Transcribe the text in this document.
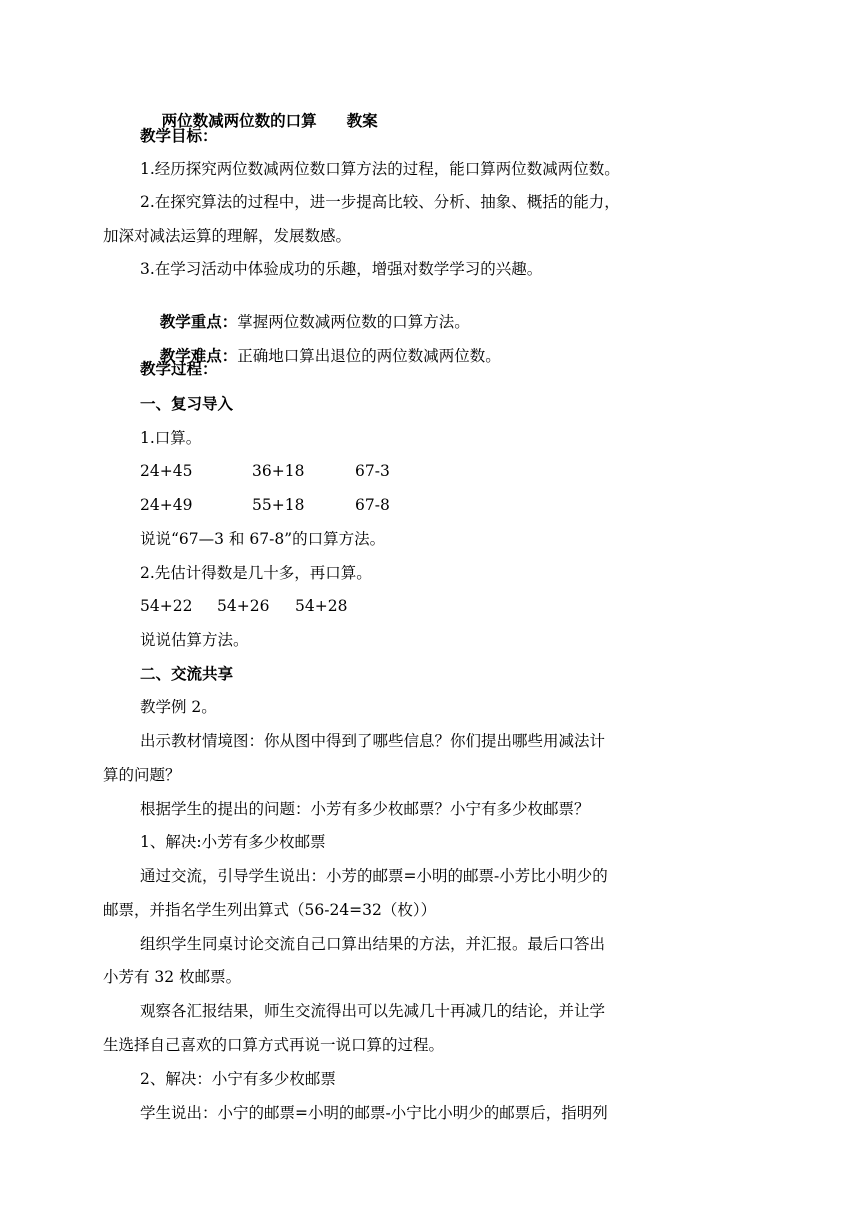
两位数减两位数的口算 教案

教学目标：
1.经历探究两位数减两位数口算方法的过程，能口算两位数减两位数。
2.在探究算法的过程中，进一步提高比较、分析、抽象、概括的能力，
加深对减法运算的理解，发展数感。
3.在学习活动中体验成功的乐趣，增强对数学学习的兴趣。

教学重点：掌握两位数减两位数的口算方法。

教学难点：正确地口算出退位的两位数减两位数。

教学过程：
一、复习导入
1.口算。
24+45	36+18	67-3
24+49	55+18	67-8
说说“67—3 和 67-8”的口算方法。
2.先估计得数是几十多，再口算。
54+22 54+26 54+28
说说估算方法。
二、交流共享
教学例 2。
出示教材情境图：你从图中得到了哪些信息？你们提出哪些用减法计
算的问题？
根据学生的提出的问题：小芳有多少枚邮票？小宁有多少枚邮票？
1、解决:小芳有多少枚邮票
通过交流，引导学生说出：小芳的邮票=小明的邮票-小芳比小明少的
邮票，并指名学生列出算式（56-24=32（枚））
组织学生同桌讨论交流自己口算出结果的方法，并汇报。最后口答出
小芳有 32 枚邮票。
观察各汇报结果，师生交流得出可以先减几十再减几的结论，并让学
生选择自己喜欢的口算方式再说一说口算的过程。
2、解决：小宁有多少枚邮票
学生说出：小宁的邮票=小明的邮票-小宁比小明少的邮票后，指明列
